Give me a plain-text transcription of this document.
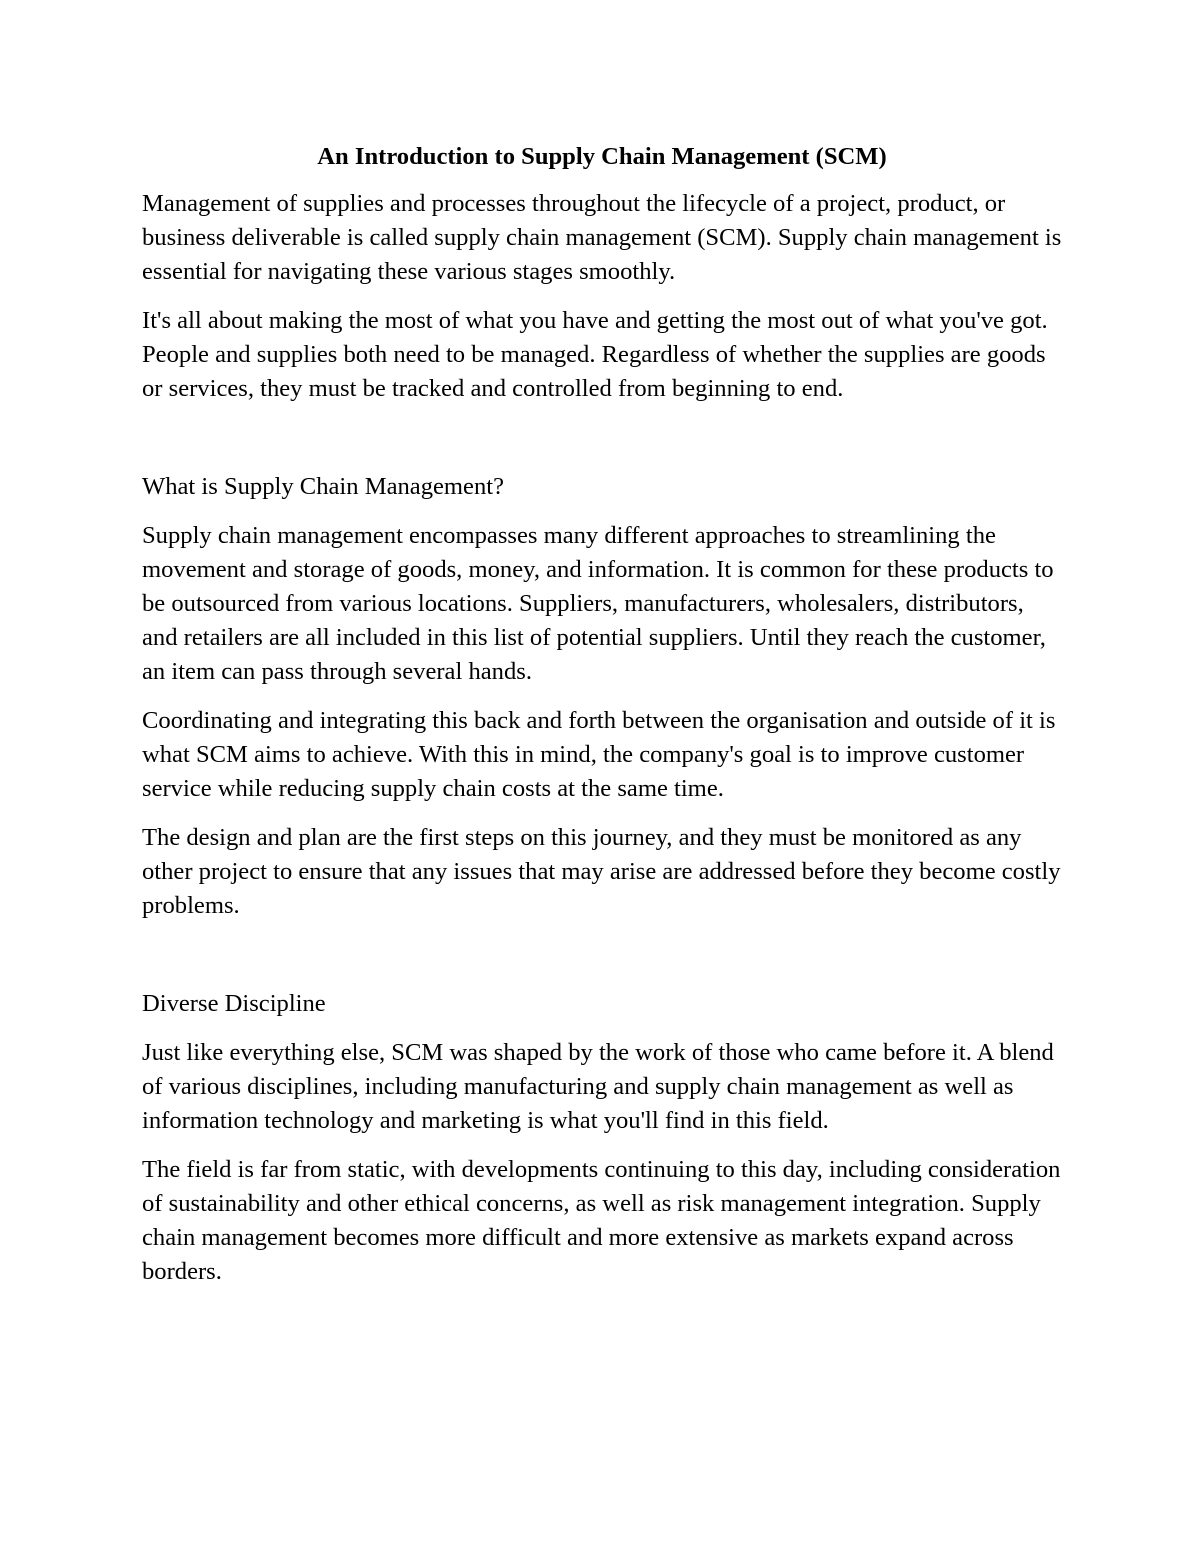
An Introduction to Supply Chain Management (SCM)

Management of supplies and processes throughout the lifecycle of a project, product, or business deliverable is called supply chain management (SCM). Supply chain management is essential for navigating these various stages smoothly.

It's all about making the most of what you have and getting the most out of what you've got. People and supplies both need to be managed. Regardless of whether the supplies are goods or services, they must be tracked and controlled from beginning to end.

What is Supply Chain Management?

Supply chain management encompasses many different approaches to streamlining the movement and storage of goods, money, and information. It is common for these products to be outsourced from various locations. Suppliers, manufacturers, wholesalers, distributors, and retailers are all included in this list of potential suppliers. Until they reach the customer, an item can pass through several hands.

Coordinating and integrating this back and forth between the organisation and outside of it is what SCM aims to achieve. With this in mind, the company's goal is to improve customer service while reducing supply chain costs at the same time.

The design and plan are the first steps on this journey, and they must be monitored as any other project to ensure that any issues that may arise are addressed before they become costly problems.

Diverse Discipline

Just like everything else, SCM was shaped by the work of those who came before it. A blend of various disciplines, including manufacturing and supply chain management as well as information technology and marketing is what you'll find in this field.

The field is far from static, with developments continuing to this day, including consideration of sustainability and other ethical concerns, as well as risk management integration. Supply chain management becomes more difficult and more extensive as markets expand across borders.
